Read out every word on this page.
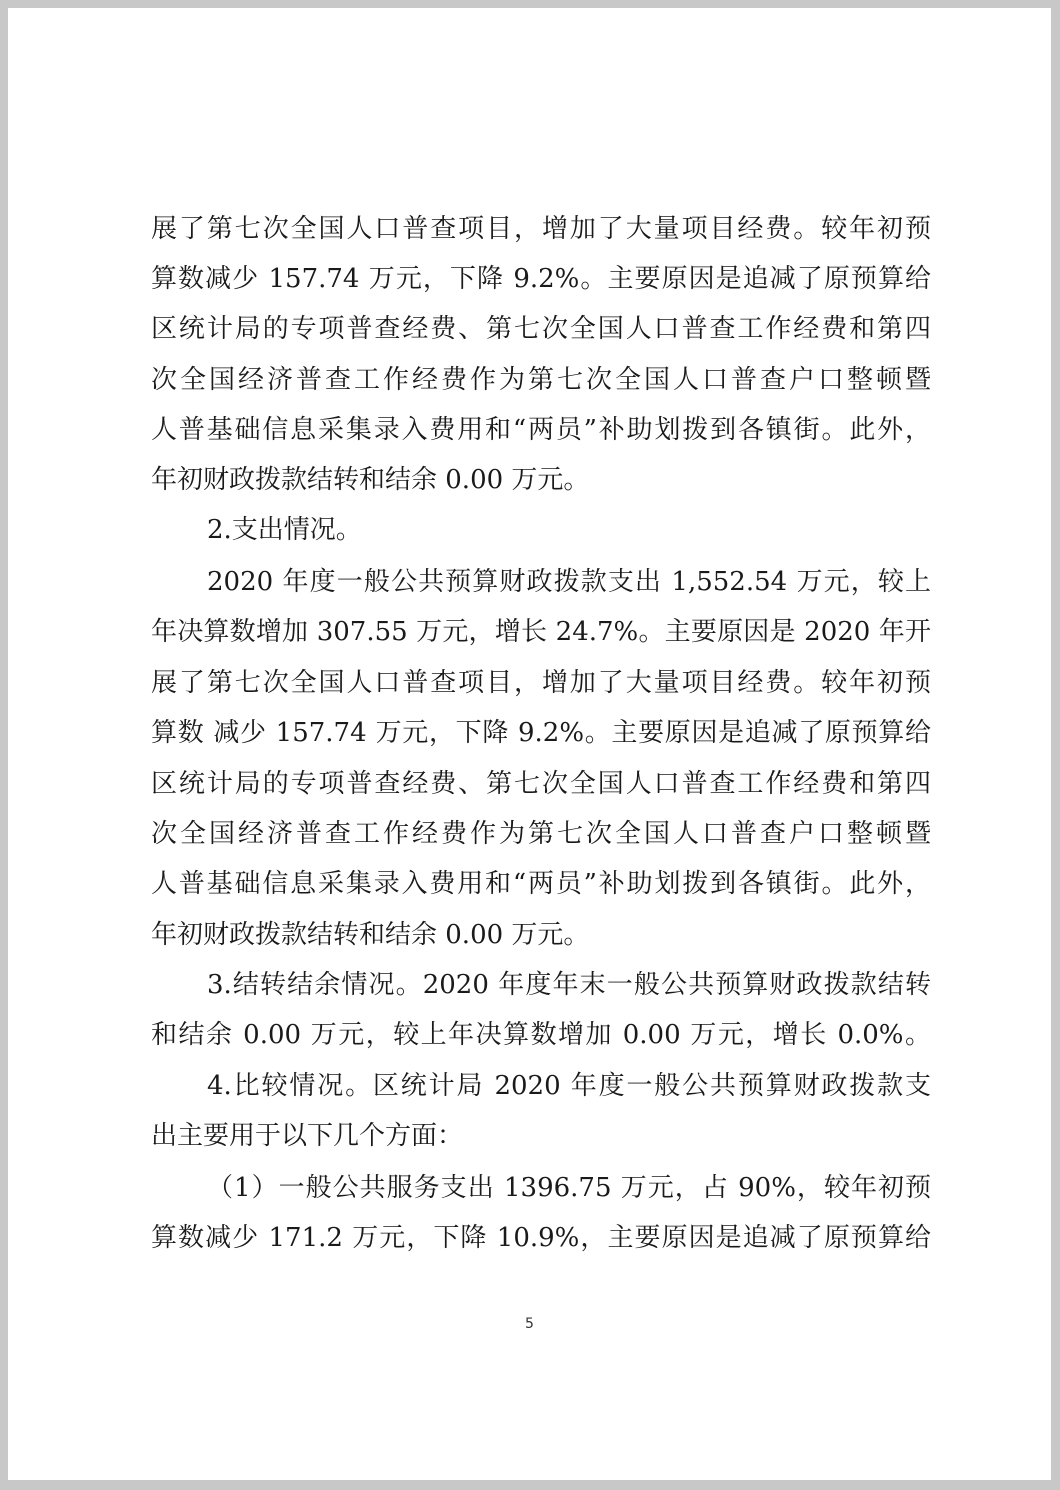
展了第七次全国人口普查项目，增加了大量项目经费。较年初预
算数减少 157.74 万元，下降 9.2%。主要原因是追减了原预算给
区统计局的专项普查经费、第七次全国人口普查工作经费和第四
次全国经济普查工作经费作为第七次全国人口普查户口整顿暨
人普基础信息采集录入费用和“两员”补助划拨到各镇街。此外，
年初财政拨款结转和结余 0.00 万元。
2.支出情况。
2020 年度一般公共预算财政拨款支出 1,552.54 万元，较上
年决算数增加 307.55 万元，增长 24.7%。主要原因是 2020 年开
展了第七次全国人口普查项目，增加了大量项目经费。较年初预
算数 减少 157.74 万元，下降 9.2%。主要原因是追减了原预算给
区统计局的专项普查经费、第七次全国人口普查工作经费和第四
次全国经济普查工作经费作为第七次全国人口普查户口整顿暨
人普基础信息采集录入费用和“两员”补助划拨到各镇街。此外，
年初财政拨款结转和结余 0.00 万元。
3.结转结余情况。2020 年度年末一般公共预算财政拨款结转
和结余 0.00 万元，较上年决算数增加 0.00 万元，增长 0.0%。
4.比较情况。区统计局 2020 年度一般公共预算财政拨款支
出主要用于以下几个方面：
（1）一般公共服务支出 1396.75 万元，占 90%，较年初预
算数减少 171.2 万元，下降 10.9%，主要原因是追减了原预算给
5
